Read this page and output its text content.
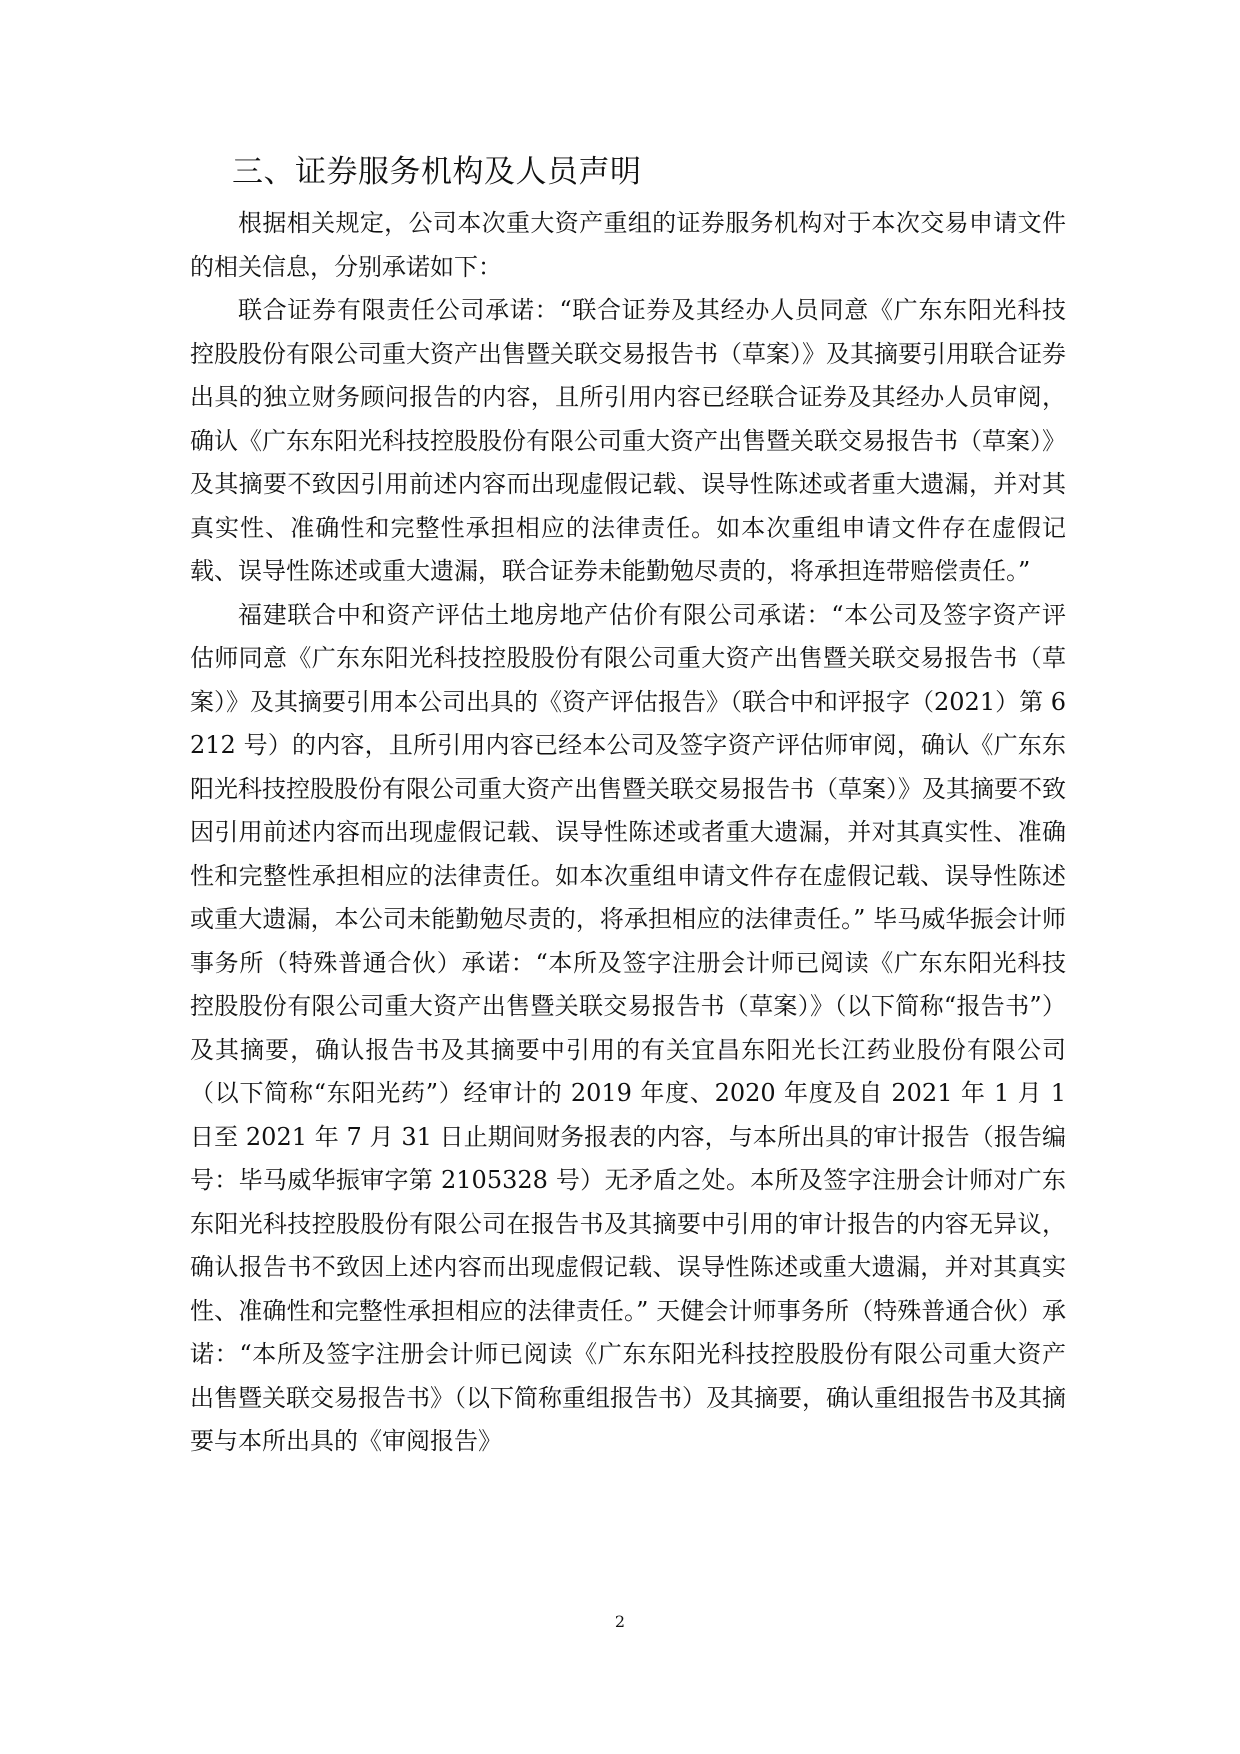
三、证券服务机构及人员声明

根据相关规定，公司本次重大资产重组的证券服务机构对于本次交易申请文件的相关信息，分别承诺如下：

联合证券有限责任公司承诺：“联合证券及其经办人员同意《广东东阳光科技控股股份有限公司重大资产出售暨关联交易报告书（草案）》及其摘要引用联合证券出具的独立财务顾问报告的内容，且所引用内容已经联合证券及其经办人员审阅，确认《广东东阳光科技控股股份有限公司重大资产出售暨关联交易报告书（草案）》及其摘要不致因引用前述内容而出现虚假记载、误导性陈述或者重大遗漏，并对其真实性、准确性和完整性承担相应的法律责任。如本次重组申请文件存在虚假记载、误导性陈述或重大遗漏，联合证券未能勤勉尽责的，将承担连带赔偿责任。”

福建联合中和资产评估土地房地产估价有限公司承诺：“本公司及签字资产评估师同意《广东东阳光科技控股股份有限公司重大资产出售暨关联交易报告书（草案）》及其摘要引用本公司出具的《资产评估报告》（联合中和评报字（2021）第 6212 号）的内容，且所引用内容已经本公司及签字资产评估师审阅，确认《广东东阳光科技控股股份有限公司重大资产出售暨关联交易报告书（草案）》及其摘要不致因引用前述内容而出现虚假记载、误导性陈述或者重大遗漏，并对其真实性、准确性和完整性承担相应的法律责任。如本次重组申请文件存在虚假记载、误导性陈述或重大遗漏，本公司未能勤勉尽责的，将承担相应的法律责任。” 毕马威华振会计师事务所（特殊普通合伙）承诺：“本所及签字注册会计师已阅读《广东东阳光科技控股股份有限公司重大资产出售暨关联交易报告书（草案）》（以下简称“报告书”）及其摘要，确认报告书及其摘要中引用的有关宜昌东阳光长江药业股份有限公司（以下简称“东阳光药”）经审计的 2019 年度、2020 年度及自 2021 年 1 月 1 日至 2021 年 7 月 31 日止期间财务报表的内容，与本所出具的审计报告（报告编号：毕马威华振审字第 2105328 号）无矛盾之处。本所及签字注册会计师对广东东阳光科技控股股份有限公司在报告书及其摘要中引用的审计报告的内容无异议，确认报告书不致因上述内容而出现虚假记载、误导性陈述或重大遗漏，并对其真实性、准确性和完整性承担相应的法律责任。” 天健会计师事务所（特殊普通合伙）承诺：“本所及签字注册会计师已阅读《广东东阳光科技控股股份有限公司重大资产出售暨关联交易报告书》（以下简称重组报告书）及其摘要，确认重组报告书及其摘要与本所出具的《审阅报告》

2
